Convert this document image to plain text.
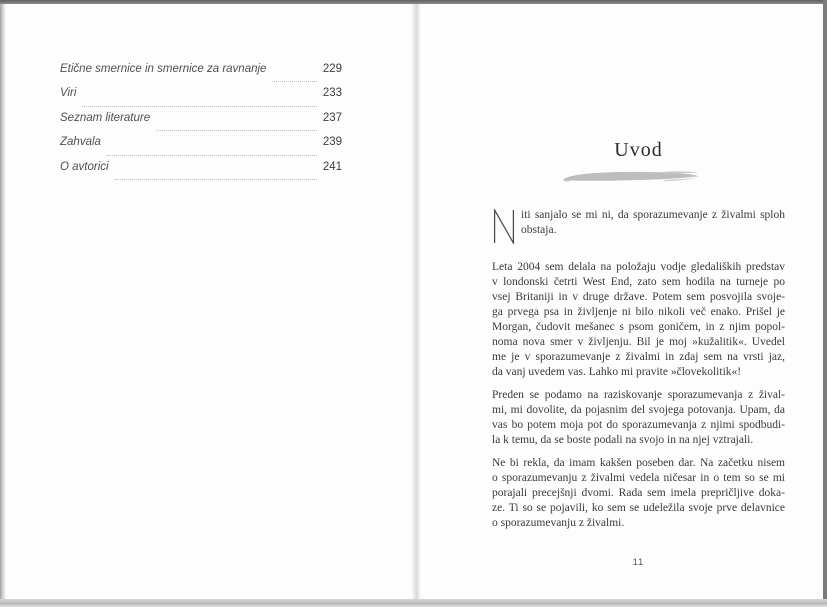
Etične smernice in smernice za ravnanje	229
Viri	233
Seznam literature	237
Zahvala	239
O avtorici	241
Uvod
iti sanjalo se mi ni, da sporazumevanje z živalmi sploh
obstaja.
Leta 2004 sem delala na položaju vodje gledaliških predstav
v londonski četrti West End, zato sem hodila na turneje po
vsej Britaniji in v druge države. Potem sem posvojila svoje-
ga prvega psa in življenje ni bilo nikoli več enako. Prišel je
Morgan, čudovit mešanec s psom goničem, in z njim popol-
noma nova smer v življenju. Bil je moj »kužalitik«. Uvedel
me je v sporazumevanje z živalmi in zdaj sem na vrsti jaz,
da vanj uvedem vas. Lahko mi pravite »človekolitik«!
Preden se podamo na raziskovanje sporazumevanja z žival-
mi, mi dovolite, da pojasnim del svojega potovanja. Upam, da
vas bo potem moja pot do sporazumevanja z njimi spodbudi-
la k temu, da se boste podali na svojo in na njej vztrajali.
Ne bi rekla, da imam kakšen poseben dar. Na začetku nisem
o sporazumevanju z živalmi vedela ničesar in o tem so se mi
porajali precejšnji dvomi. Rada sem imela prepričljive doka-
ze. Ti so se pojavili, ko sem se udeležila svoje prve delavnice
o sporazumevanju z živalmi.
11
